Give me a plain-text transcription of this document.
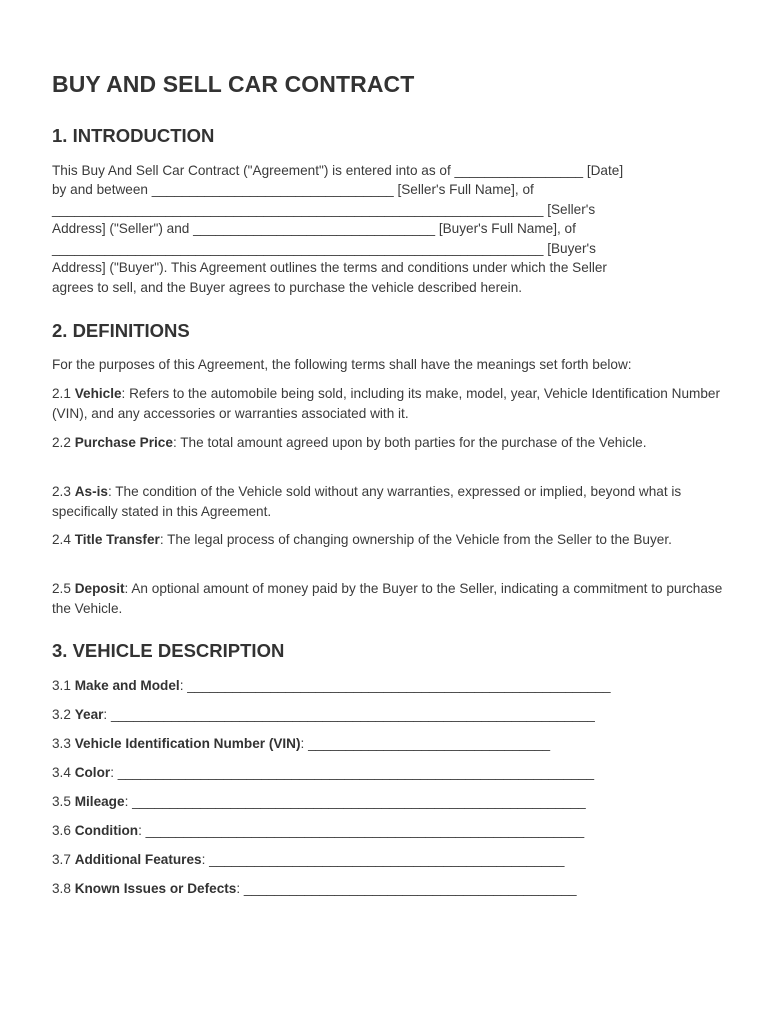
BUY AND SELL CAR CONTRACT
1. INTRODUCTION

This Buy And Sell Car Contract ("Agreement") is entered into as of _________________ [Date]

by and between ________________________________ [Seller's Full Name], of

_________________________________________________________________ [Seller's

Address] ("Seller") and ________________________________ [Buyer's Full Name], of

_________________________________________________________________ [Buyer's

Address] ("Buyer"). This Agreement outlines the terms and conditions under which the Seller

agrees to sell, and the Buyer agrees to purchase the vehicle described herein.

2. DEFINITIONS

For the purposes of this Agreement, the following terms shall have the meanings set forth below:

2.1 Vehicle: Refers to the automobile being sold, including its make, model, year, Vehicle Identification Number (VIN), and any accessories or warranties associated with it.

2.2 Purchase Price: The total amount agreed upon by both parties for the purchase of the Vehicle.

2.3 As-is: The condition of the Vehicle sold without any warranties, expressed or implied, beyond what is specifically stated in this Agreement.

2.4 Title Transfer: The legal process of changing ownership of the Vehicle from the Seller to the Buyer.

2.5 Deposit: An optional amount of money paid by the Buyer to the Seller, indicating a commitment to purchase the Vehicle.

3. VEHICLE DESCRIPTION

3.1 Make and Model: ________________________________________________________

3.2 Year: ________________________________________________________________

3.3 Vehicle Identification Number (VIN): ________________________________

3.4 Color: _______________________________________________________________

3.5 Mileage: ____________________________________________________________

3.6 Condition: __________________________________________________________

3.7 Additional Features: _______________________________________________

3.8 Known Issues or Defects: ____________________________________________
